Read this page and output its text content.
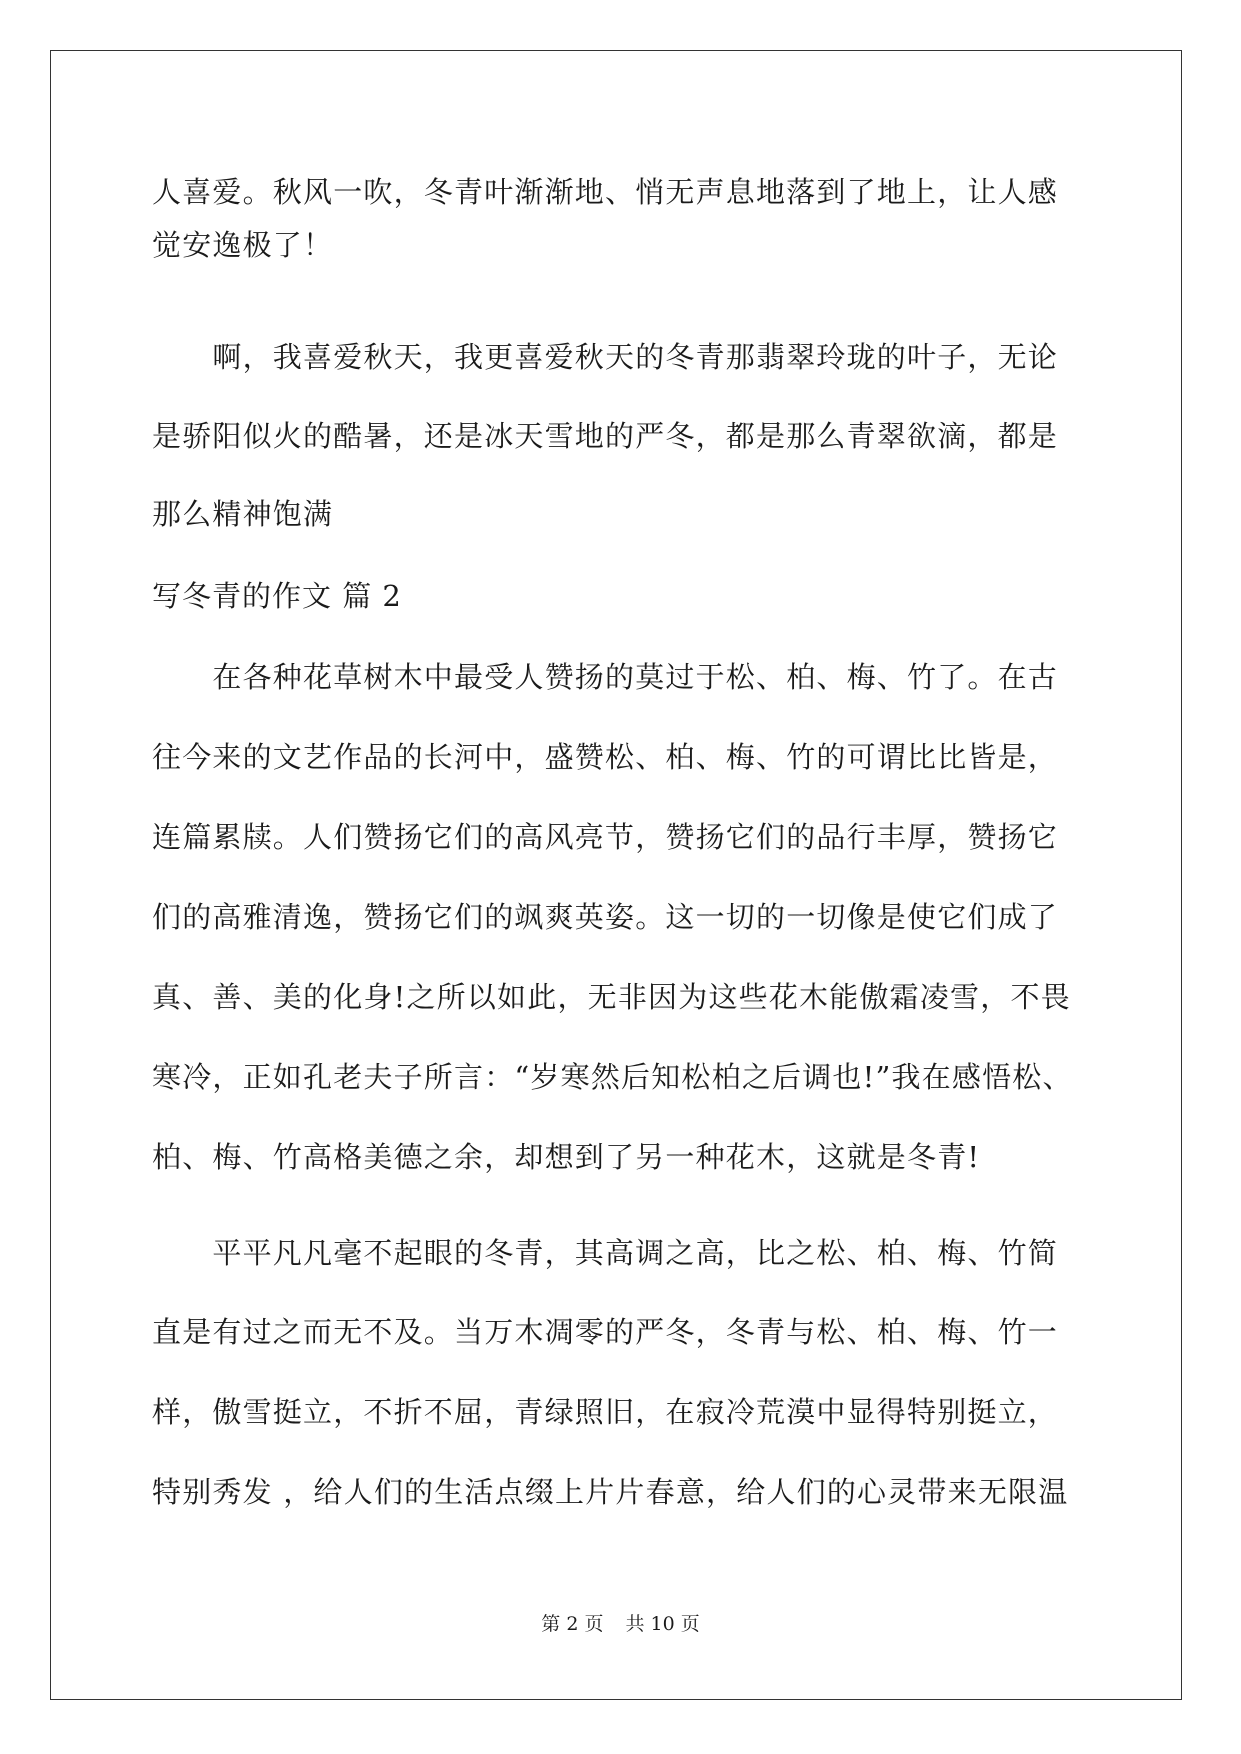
人喜爱。秋风一吹，冬青叶渐渐地、悄无声息地落到了地上，让人感
觉安逸极了！
　　啊，我喜爱秋天，我更喜爱秋天的冬青那翡翠玲珑的叶子，无论
是骄阳似火的酷暑，还是冰天雪地的严冬，都是那么青翠欲滴，都是
那么精神饱满
写冬青的作文 篇 2
　　在各种花草树木中最受人赞扬的莫过于松、柏、梅、竹了。在古
往今来的文艺作品的长河中，盛赞松、柏、梅、竹的可谓比比皆是，
连篇累牍。人们赞扬它们的高风亮节，赞扬它们的品行丰厚，赞扬它
们的高雅清逸，赞扬它们的飒爽英姿。这一切的一切像是使它们成了
真、善、美的化身!之所以如此，无非因为这些花木能傲霜凌雪，不畏
寒冷，正如孔老夫子所言：“岁寒然后知松柏之后调也!”我在感悟松、
柏、梅、竹高格美德之余，却想到了另一种花木，这就是冬青!
　　平平凡凡毫不起眼的冬青，其高调之高，比之松、柏、梅、竹简
直是有过之而无不及。当万木凋零的严冬，冬青与松、柏、梅、竹一
样，傲雪挺立，不折不屈，青绿照旧，在寂冷荒漠中显得特别挺立，
特别秀发 ，给人们的生活点缀上片片春意，给人们的心灵带来无限温
第 2 页 共 10 页
